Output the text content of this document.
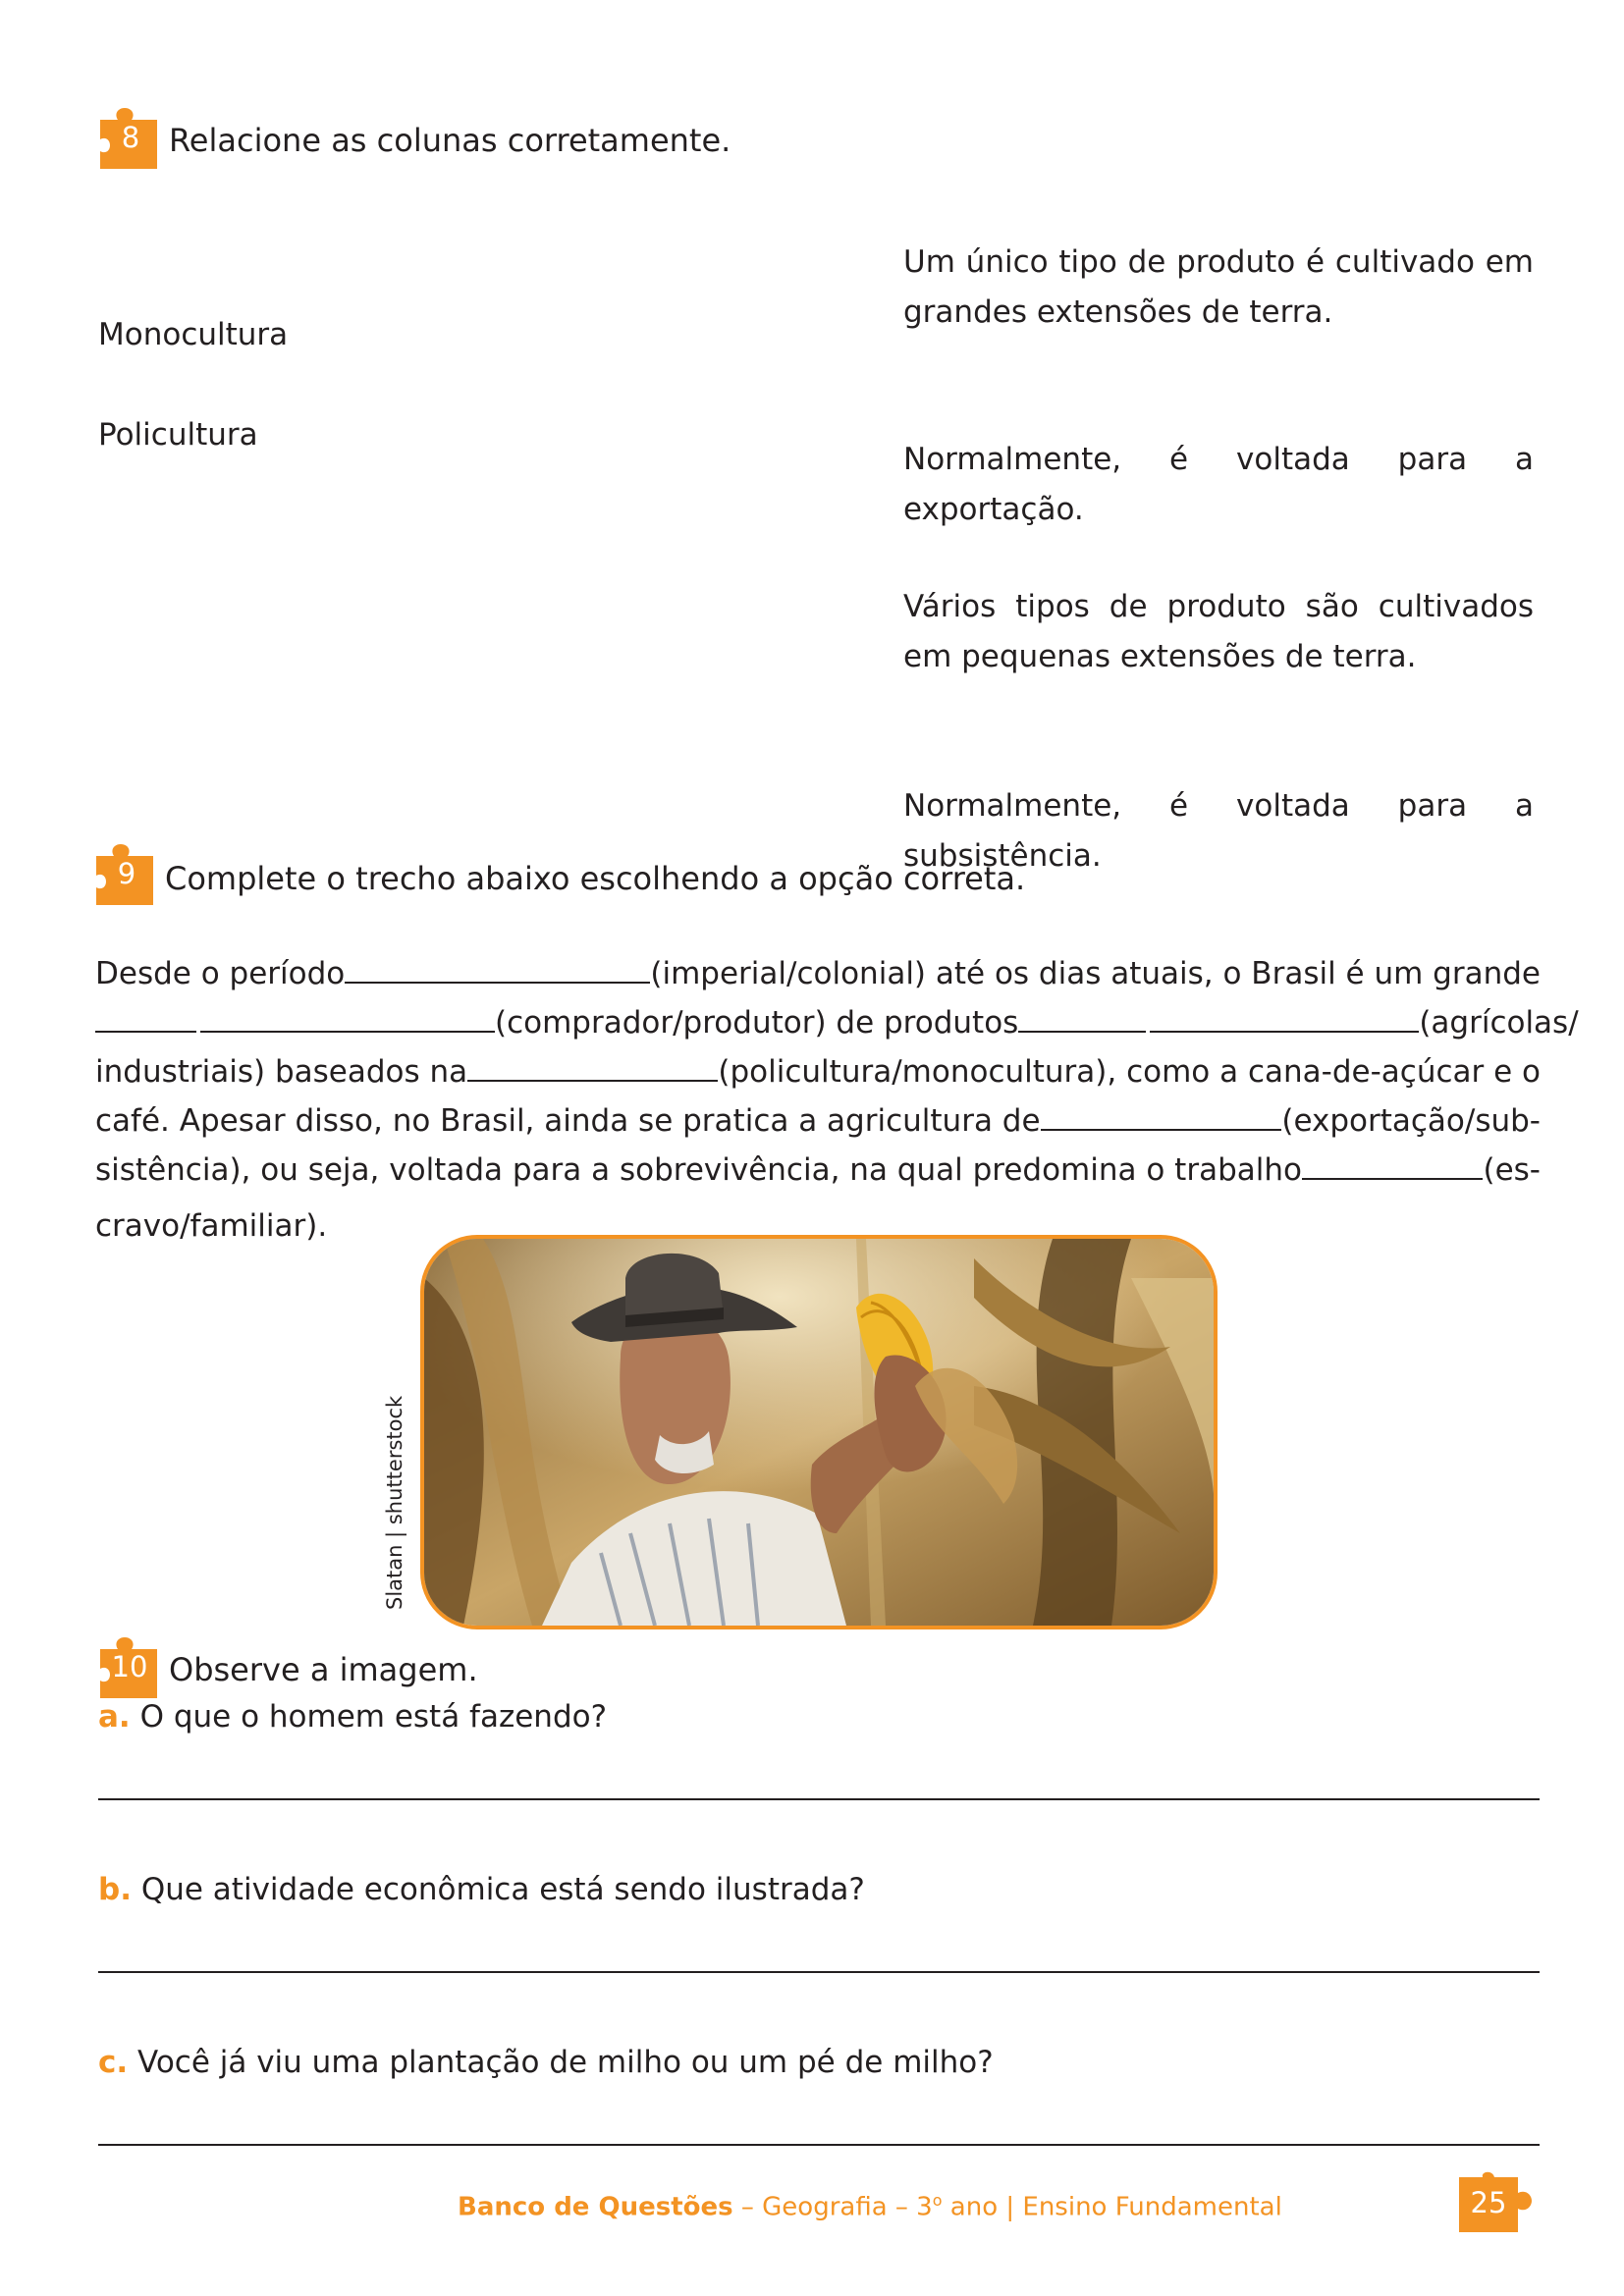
8 Relacione as colunas corretamente.
Monocultura
Policultura
Um único tipo de produto é cultivado em grandes extensões de terra.
Normalmente, é voltada para a exportação.
Vários tipos de produto são cultivados em pequenas extensões de terra.
Normalmente, é voltada para a subsistência.
9 Complete o trecho abaixo escolhendo a opção correta.
Desde o período	(imperial/colonial) até os dias atuais, o Brasil é um grande
(comprador/produtor) de produtos	(agrícolas/
industriais) baseados na	(policultura/monocultura), como a cana-de-açúcar e o
café. Apesar disso, no Brasil, ainda se pratica a agricultura de	(exportação/sub-
sistência), ou seja, voltada para a sobrevivência, na qual predomina o trabalho	(es-
cravo/familiar).
Slatan | shutterstock
10 Observe a imagem.
a. O que o homem está fazendo?
b. Que atividade econômica está sendo ilustrada?
c. Você já viu uma plantação de milho ou um pé de milho?
Banco de Questões – Geografia – 3$^o$ ano | Ensino Fundamental	25
